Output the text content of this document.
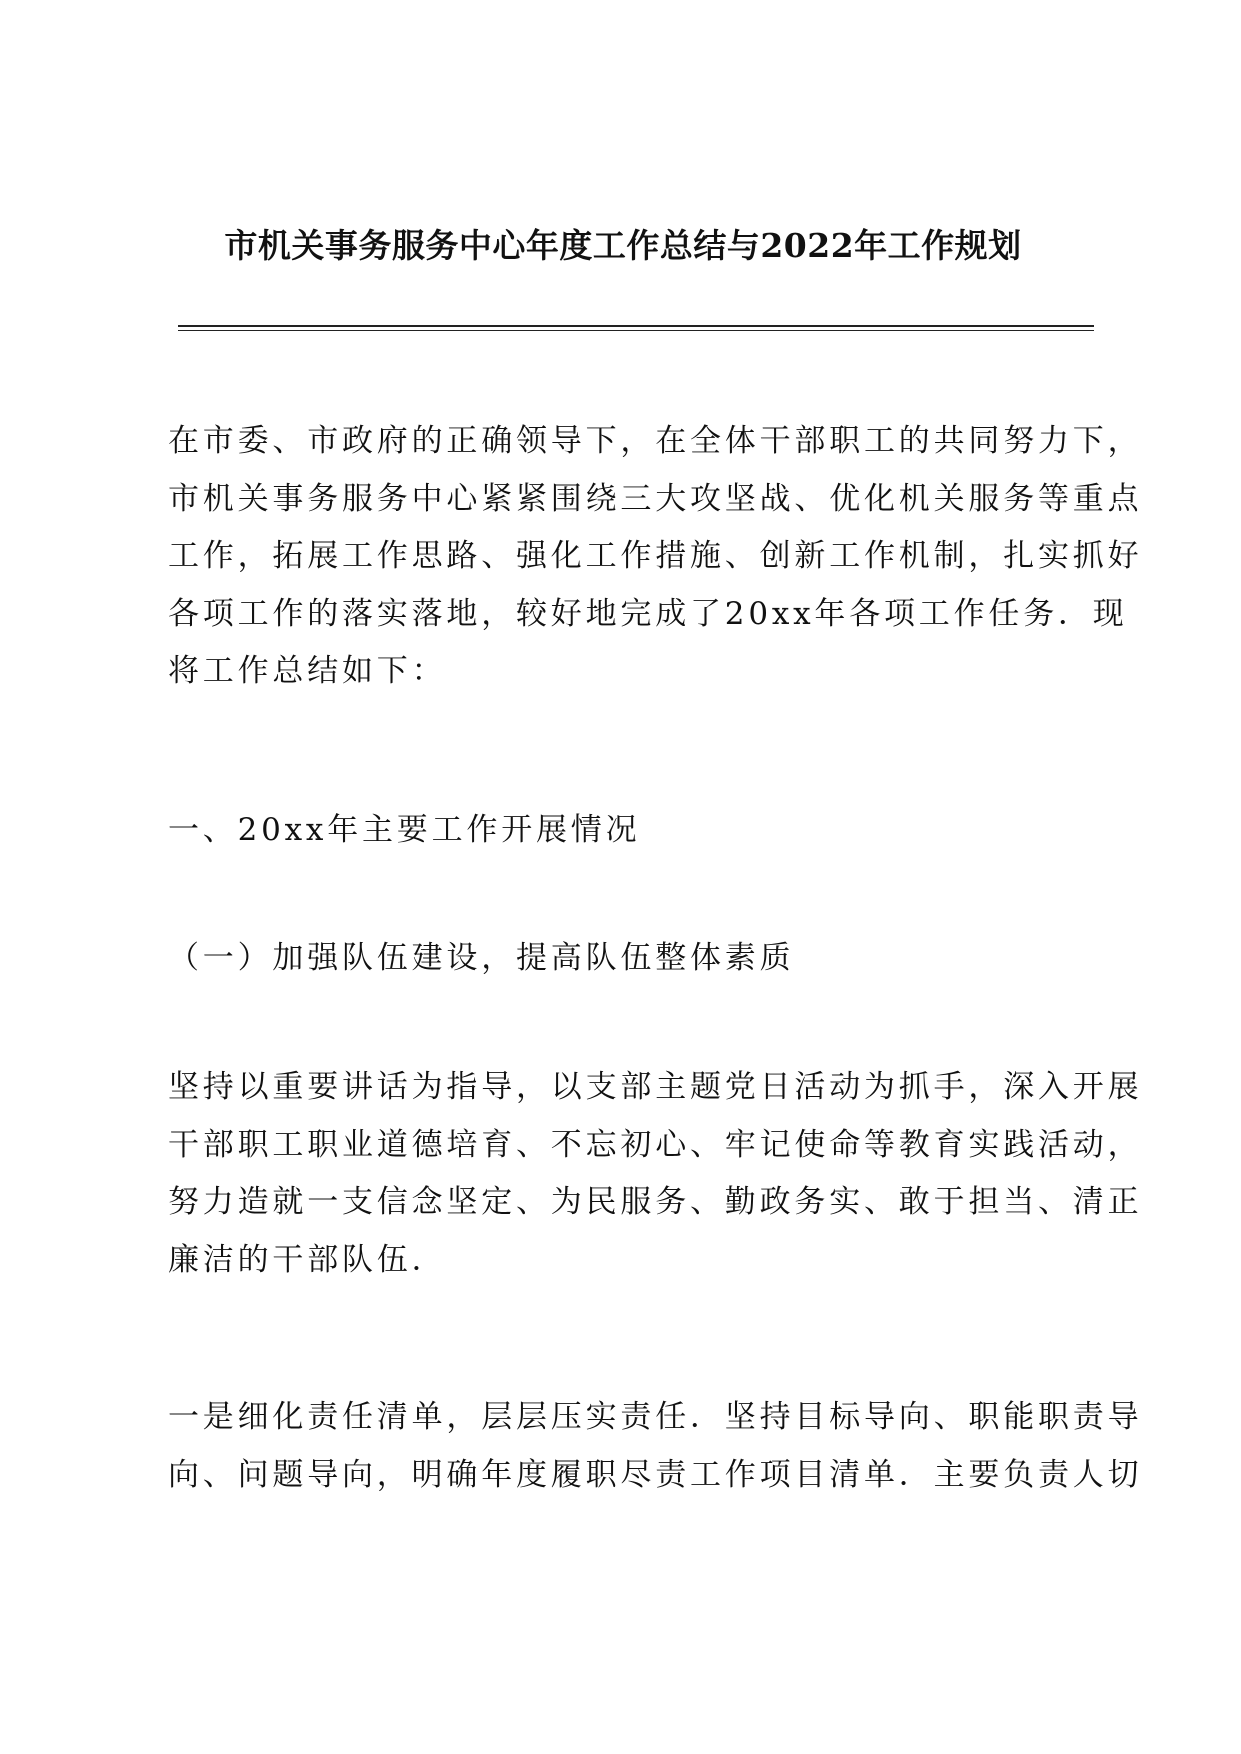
市机关事务服务中心年度工作总结与2022年工作规划
在市委、市政府的正确领导下，在全体干部职工的共同努力下，
市机关事务服务中心紧紧围绕三大攻坚战、优化机关服务等重点
工作，拓展工作思路、强化工作措施、创新工作机制，扎实抓好
各项工作的落实落地，较好地完成了20xx年各项工作任务．现
将工作总结如下：
一、20xx年主要工作开展情况
（一）加强队伍建设，提高队伍整体素质
坚持以重要讲话为指导，以支部主题党日活动为抓手，深入开展
干部职工职业道德培育、不忘初心、牢记使命等教育实践活动，
努力造就一支信念坚定、为民服务、勤政务实、敢于担当、清正
廉洁的干部队伍．
一是细化责任清单，层层压实责任．坚持目标导向、职能职责导
向、问题导向，明确年度履职尽责工作项目清单．主要负责人切
